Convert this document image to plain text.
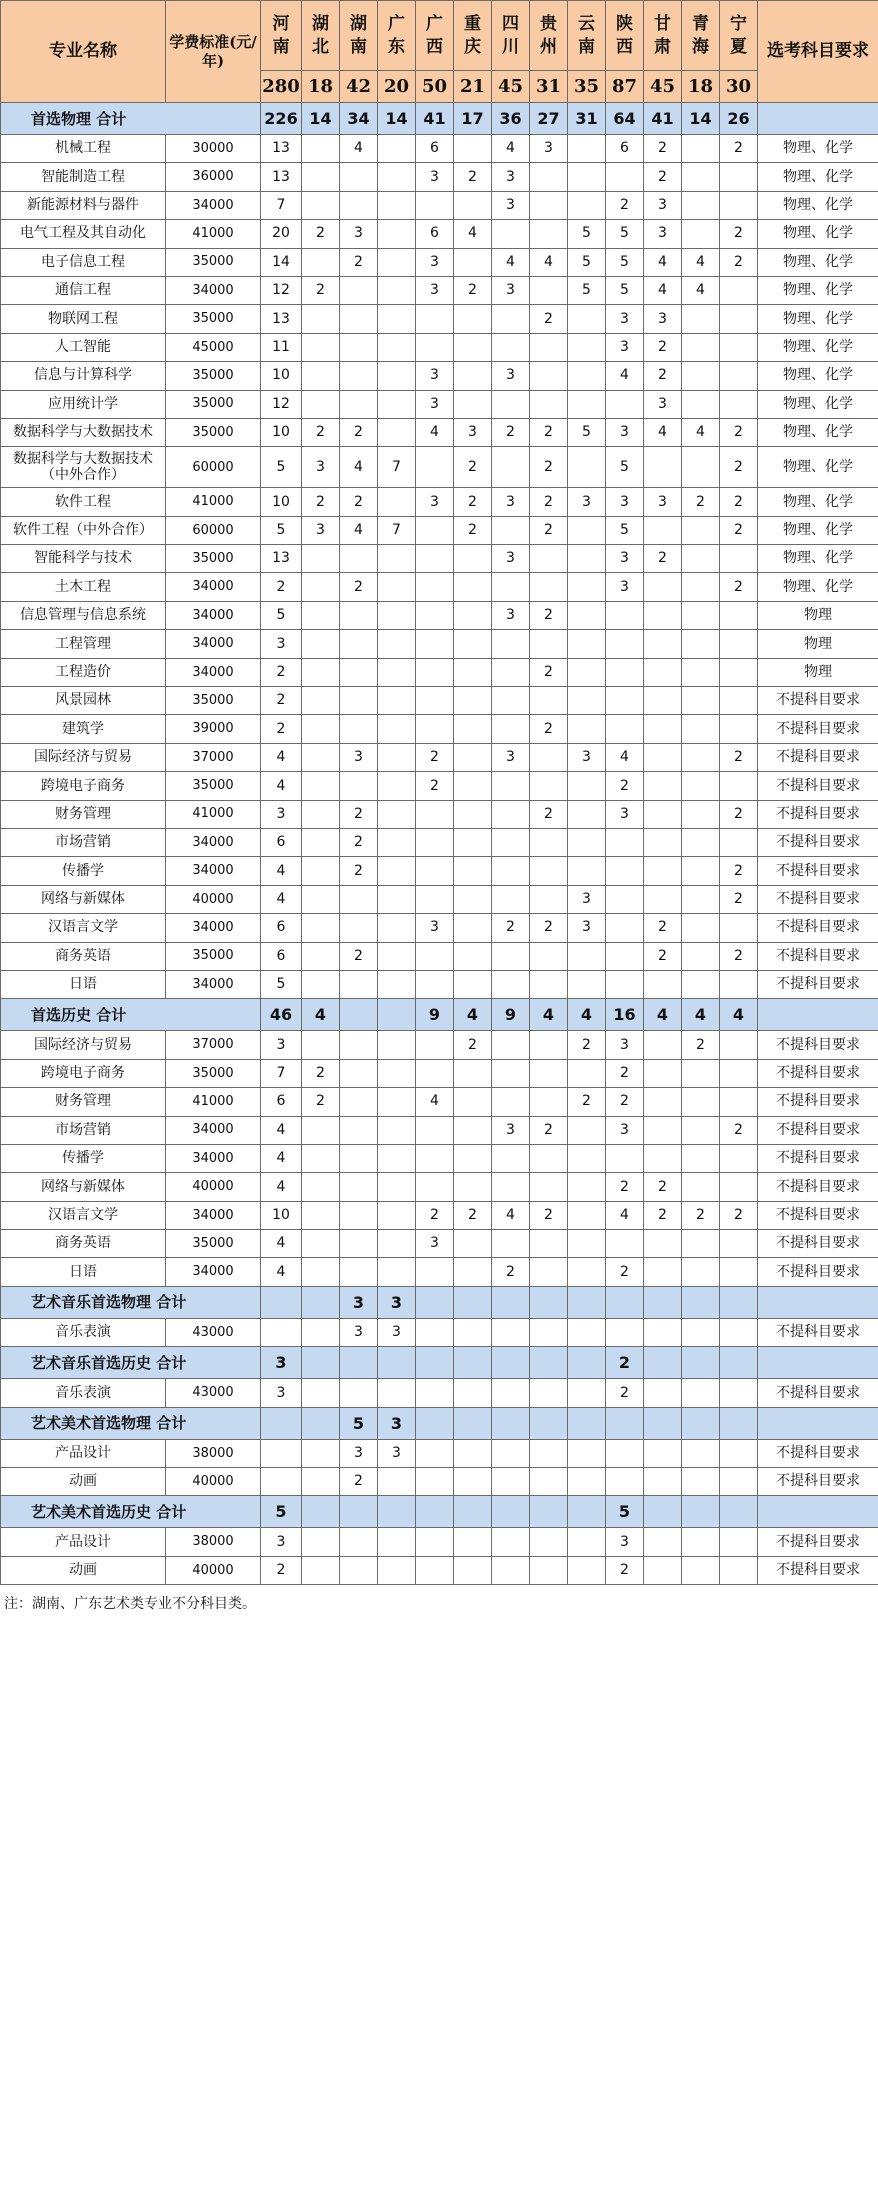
专业名称	学费标准(元/年)	河南	湖北	湖南	广东	广西	重庆	四川	贵州	云南	陕西	甘肃	青海	宁夏	选考科目要求
		280	18	42	20	50	21	45	31	35	87	45	18	30	
首选物理 合计		226	14	34	14	41	17	36	27	31	64	41	14	26	
机械工程	30000	13		4		6		4	3		6	2		2	物理、化学
智能制造工程	36000	13				3	2	3				2			物理、化学
新能源材料与器件	34000	7						3			2	3			物理、化学
电气工程及其自动化	41000	20	2	3		6	4			5	5	3		2	物理、化学
电子信息工程	35000	14		2		3		4	4	5	5	4	4	2	物理、化学
通信工程	34000	12	2			3	2	3		5	5	4	4		物理、化学
物联网工程	35000	13							2		3	3			物理、化学
人工智能	45000	11									3	2			物理、化学
信息与计算科学	35000	10				3		3			4	2			物理、化学
应用统计学	35000	12				3						3			物理、化学
数据科学与大数据技术	35000	10	2	2		4	3	2	2	5	3	4	4	2	物理、化学
数据科学与大数据技术（中外合作）	60000	5	3	4	7		2		2		5			2	物理、化学
软件工程	41000	10	2	2		3	2	3	2	3	3	3	2	2	物理、化学
软件工程（中外合作）	60000	5	3	4	7		2		2		5			2	物理、化学
智能科学与技术	35000	13						3			3	2			物理、化学
土木工程	34000	2		2							3			2	物理、化学
信息管理与信息系统	34000	5						3	2						物理
工程管理	34000	3													物理
工程造价	34000	2							2						物理
风景园林	35000	2													不提科目要求
建筑学	39000	2							2						不提科目要求
国际经济与贸易	37000	4		3		2		3		3	4			2	不提科目要求
跨境电子商务	35000	4				2					2				不提科目要求
财务管理	41000	3		2					2		3			2	不提科目要求
市场营销	34000	6		2											不提科目要求
传播学	34000	4		2										2	不提科目要求
网络与新媒体	40000	4								3				2	不提科目要求
汉语言文学	34000	6				3		2	2	3		2			不提科目要求
商务英语	35000	6		2								2		2	不提科目要求
日语	34000	5													不提科目要求
首选历史 合计		46	4			9	4	9	4	4	16	4	4	4	
国际经济与贸易	37000	3					2			2	3		2		不提科目要求
跨境电子商务	35000	7	2								2				不提科目要求
财务管理	41000	6	2			4				2	2				不提科目要求
市场营销	34000	4						3	2		3			2	不提科目要求
传播学	34000	4													不提科目要求
网络与新媒体	40000	4									2	2			不提科目要求
汉语言文学	34000	10				2	2	4	2		4	2	2	2	不提科目要求
商务英语	35000	4				3									不提科目要求
日语	34000	4						2			2				不提科目要求
艺术音乐首选物理 合计				3	3										
音乐表演	43000			3	3										不提科目要求
艺术音乐首选历史 合计		3									2				
音乐表演	43000	3									2				不提科目要求
艺术美术首选物理 合计				5	3										
产品设计	38000			3	3										不提科目要求
动画	40000			2											不提科目要求
艺术美术首选历史 合计		5									5				
产品设计	38000	3									3				不提科目要求
动画	40000	2									2				不提科目要求
注：湖南、广东艺术类专业不分科目类。
